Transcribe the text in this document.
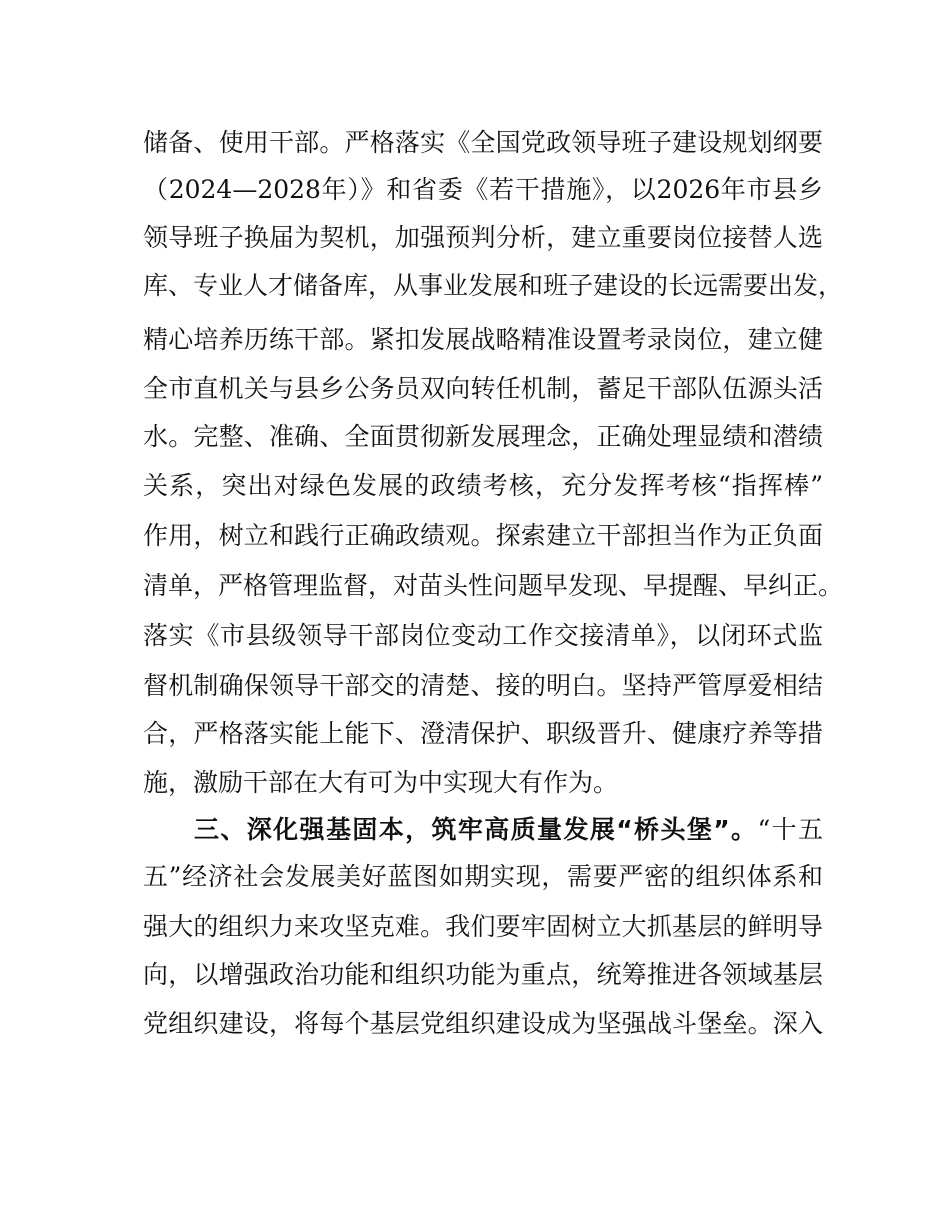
储备、使用干部。严格落实《全国党政领导班子建设规划纲要
（2024—2028年）》和省委《若干措施》，以2026年市县乡
领导班子换届为契机，加强预判分析，建立重要岗位接替人选
库、专业人才储备库，从事业发展和班子建设的长远需要出发，
精心培养历练干部。紧扣发展战略精准设置考录岗位，建立健
全市直机关与县乡公务员双向转任机制，蓄足干部队伍源头活
水。完整、准确、全面贯彻新发展理念，正确处理显绩和潜绩
关系，突出对绿色发展的政绩考核，充分发挥考核“指挥棒”
作用，树立和践行正确政绩观。探索建立干部担当作为正负面
清单，严格管理监督，对苗头性问题早发现、早提醒、早纠正。
落实《市县级领导干部岗位变动工作交接清单》，以闭环式监
督机制确保领导干部交的清楚、接的明白。坚持严管厚爱相结
合，严格落实能上能下、澄清保护、职级晋升、健康疗养等措
施，激励干部在大有可为中实现大有作为。
三、深化强基固本，筑牢高质量发展“桥头堡”。“十五
五”经济社会发展美好蓝图如期实现，需要严密的组织体系和
强大的组织力来攻坚克难。我们要牢固树立大抓基层的鲜明导
向，以增强政治功能和组织功能为重点，统筹推进各领域基层
党组织建设，将每个基层党组织建设成为坚强战斗堡垒。深入
